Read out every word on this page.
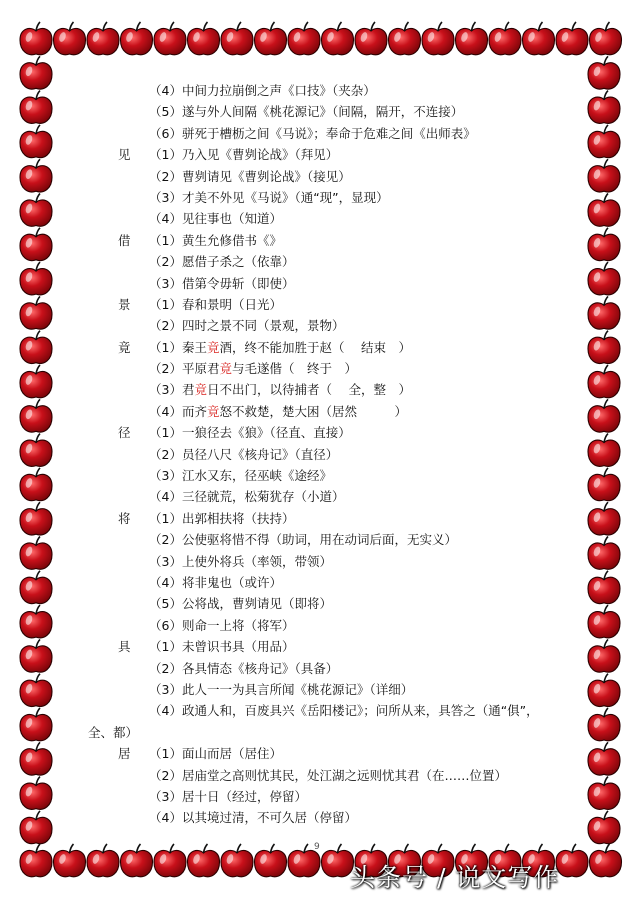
（4）中间力拉崩倒之声《口技》（夹杂）
（5）遂与外人间隔《桃花源记》（间隔，隔开，不连接）
（6）骈死于槽枥之间《马说》；奉命于危难之间《出师表》
见 （1）乃入见《曹刿论战》（拜见）
（2）曹刿请见《曹刿论战》（接见）
（3）才美不外见《马说》（通“现”，显现）
（4）见往事也（知道）
借 （1）黄生允修借书《》
（2）愿借子杀之（依靠）
（3）借第令毋斩（即使）
景 （1）春和景明（日光）
（2）四时之景不同（景观，景物）
竟 （1）秦王竟酒，终不能加胜于赵（　 结束　）
（2）平原君竟与毛遂偕（　终于　）
（3）君竟日不出门，以待捕者（　 全，整　）
（4）而齐竟怒不救楚，楚大困（居然　　　）
径 （1）一狼径去《狼》（径直、直接）
（2）员径八尺《核舟记》（直径）
（3）江水又东，径巫峡《途经》
（4）三径就荒，松菊犹存（小道）
将 （1）出郭相扶将（扶持）
（2）公使驱将惜不得（助词，用在动词后面，无实义）
（3）上使外将兵（率领，带领）
（4）将非鬼也（或许）
（5）公将战，曹刿请见（即将）
（6）则命一上将（将军）
具 （1）未曾识书具（用品）
（2）各具情态《核舟记》（具备）
（3）此人一一为具言所闻《桃花源记》（详细）
（4）政通人和，百废具兴《岳阳楼记》；问所从来，具答之（通“俱”，
全、都）
居 （1）面山而居（居住）
（2）居庙堂之高则忧其民，处江湖之远则忧其君（在……位置）
（3）居十日（经过，停留）
（4）以其境过清，不可久居（停留）
9
头条号 / 说文写作
